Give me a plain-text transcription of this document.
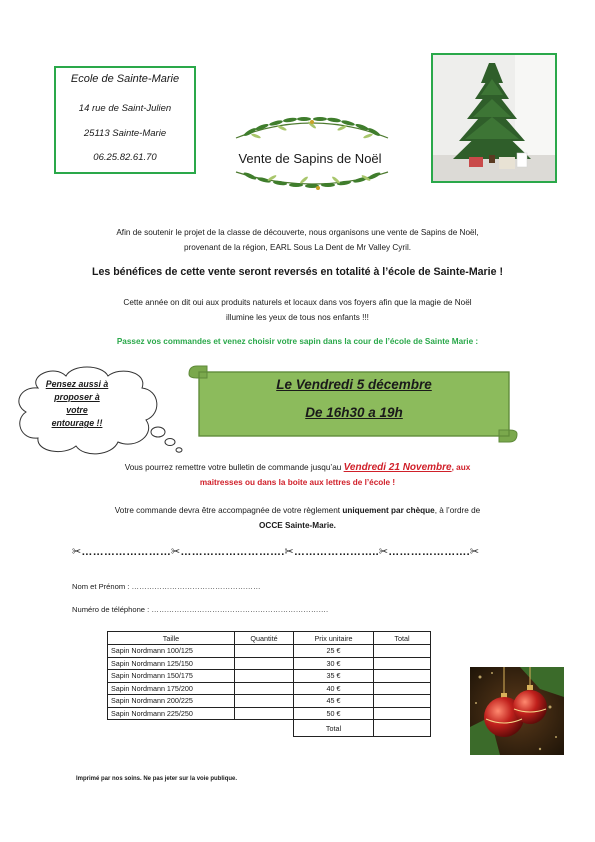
Ecole de Sainte-Marie
14 rue de Saint-Julien
25113 Sainte-Marie
06.25.82.61.70	Vente de Sapins de Noël
Afin de soutenir le projet de la classe de découverte, nous organisons une vente de Sapins de Noël,
provenant de la région, EARL Sous La Dent de Mr Valley Cyril.
Les bénéfices de cette vente seront reversés en totalité à l’école de Sainte-Marie !
Cette année on dit oui aux produits naturels et locaux dans vos foyers afin que la magie de Noël
illumine les yeux de tous nos enfants !!!
Passez vos commandes et venez choisir votre sapin dans la cour de l’école de Sainte Marie :
Pensez aussi à
proposer à
votre
entourage !!
Le Vendredi 5 décembre
De 16h30 a 19h
Vous pourrez remettre votre bulletin de commande jusqu’au Vendredi 21 Novembre, aux
maitresses ou dans la boite aux lettres de l’école !
Votre commande devra être accompagnée de votre règlement uniquement par chèque, à l’ordre de
OCCE Sainte-Marie.
✂……………………✂……………………….✂…………………..✂………………….✂
Nom et Prénom : ……………………………………………
Numéro de téléphone : …………………………………………………………….
Taille	Quantité	Prix unitaire	Total
Sapin Nordmann 100/125		25 €	
Sapin Nordmann 125/150		30 €	
Sapin Nordmann 150/175		35 €	
Sapin Nordmann 175/200		40 €	
Sapin Nordmann 200/225		45 €	
Sapin Nordmann 225/250		50 €	
		Total	
Imprimé par nos soins. Ne pas jeter sur la voie publique.
